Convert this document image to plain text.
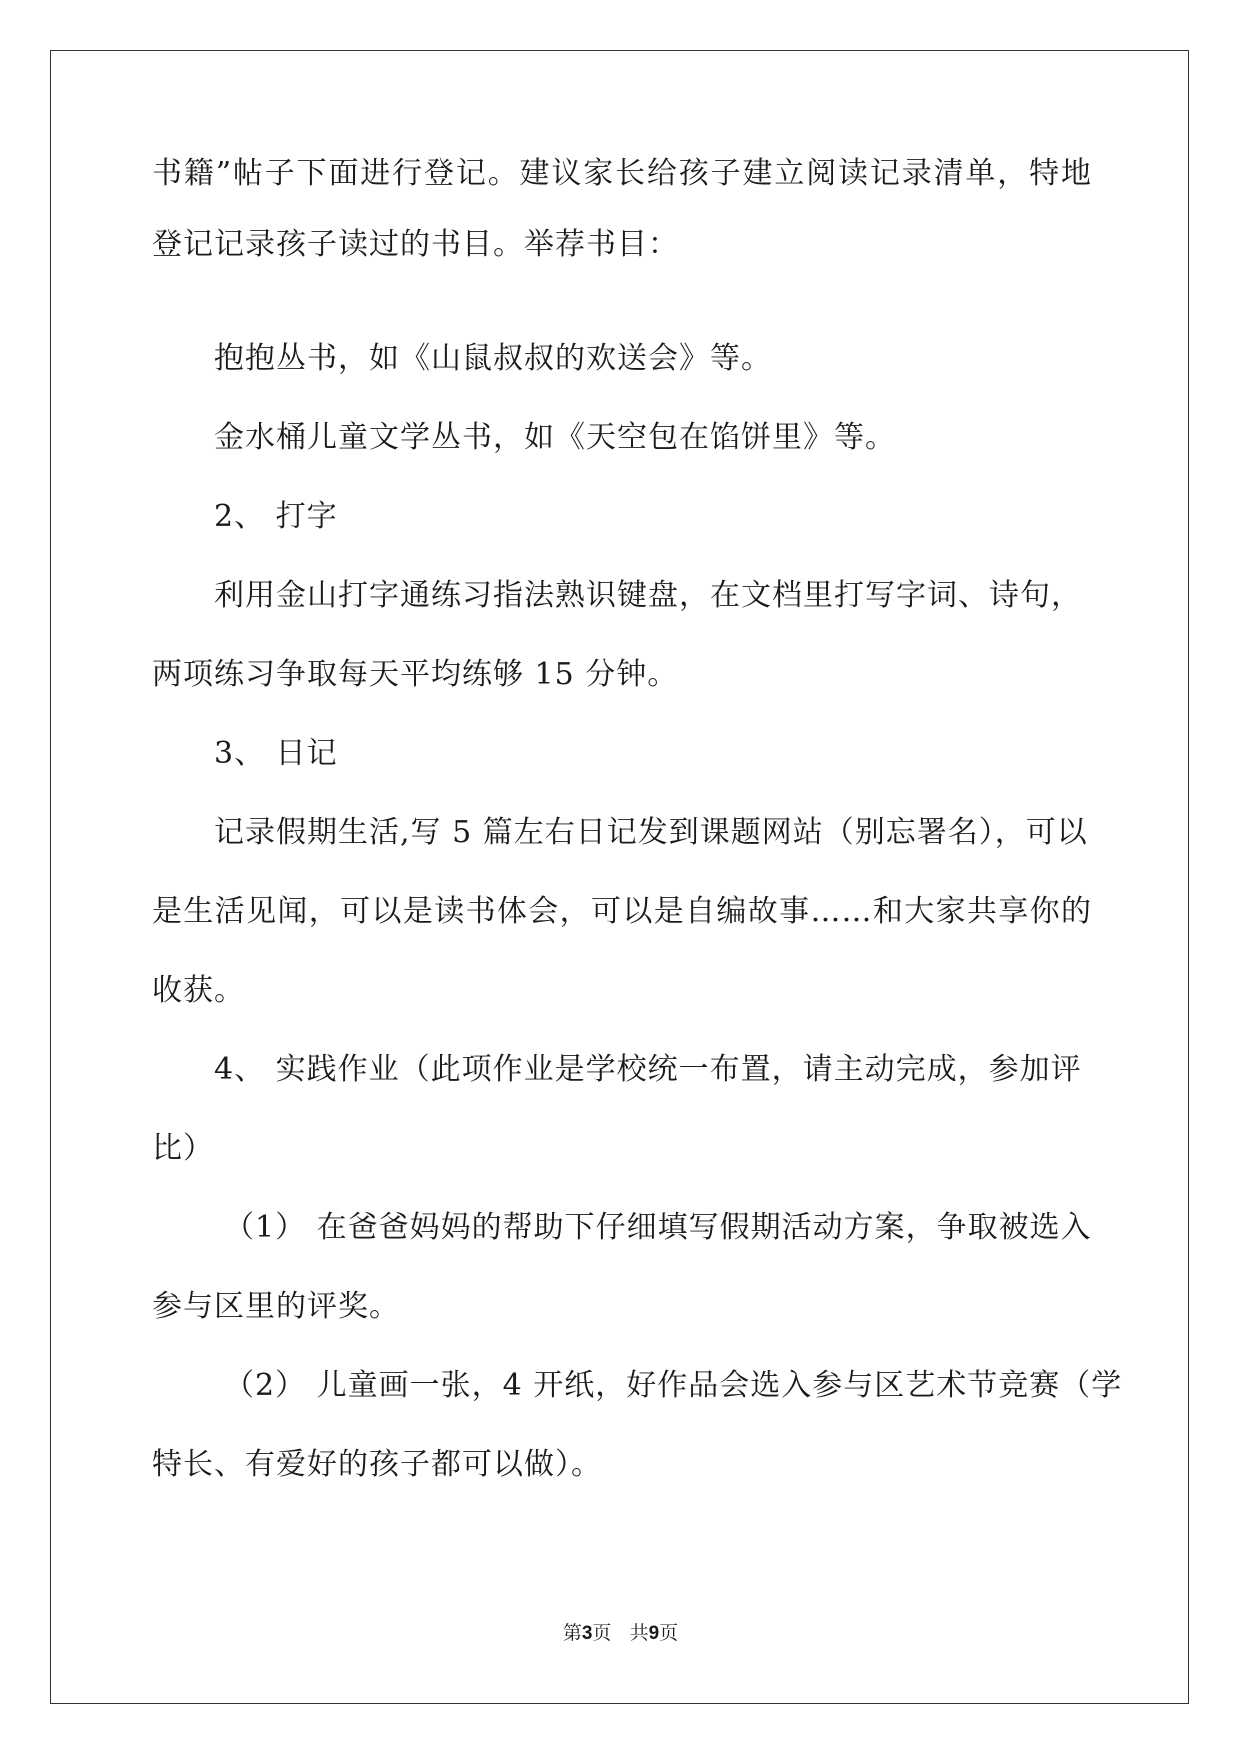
书籍”帖子下面进行登记。建议家长给孩子建立阅读记录清单，特地
登记记录孩子读过的书目。举荐书目：
抱抱丛书，如《山鼠叔叔的欢送会》等。
金水桶儿童文学丛书，如《天空包在馅饼里》等。
2、 打字
利用金山打字通练习指法熟识键盘，在文档里打写字词、诗句，
两项练习争取每天平均练够 15 分钟。
3、 日记
记录假期生活,写 5 篇左右日记发到课题网站（别忘署名），可以
是生活见闻，可以是读书体会，可以是自编故事……和大家共享你的
收获。
4、 实践作业（此项作业是学校统一布置，请主动完成，参加评
比）
（1） 在爸爸妈妈的帮助下仔细填写假期活动方案，争取被选入
参与区里的评奖。
（2） 儿童画一张，4 开纸，好作品会选入参与区艺术节竞赛（学
特长、有爱好的孩子都可以做）。
第3页 共9页
